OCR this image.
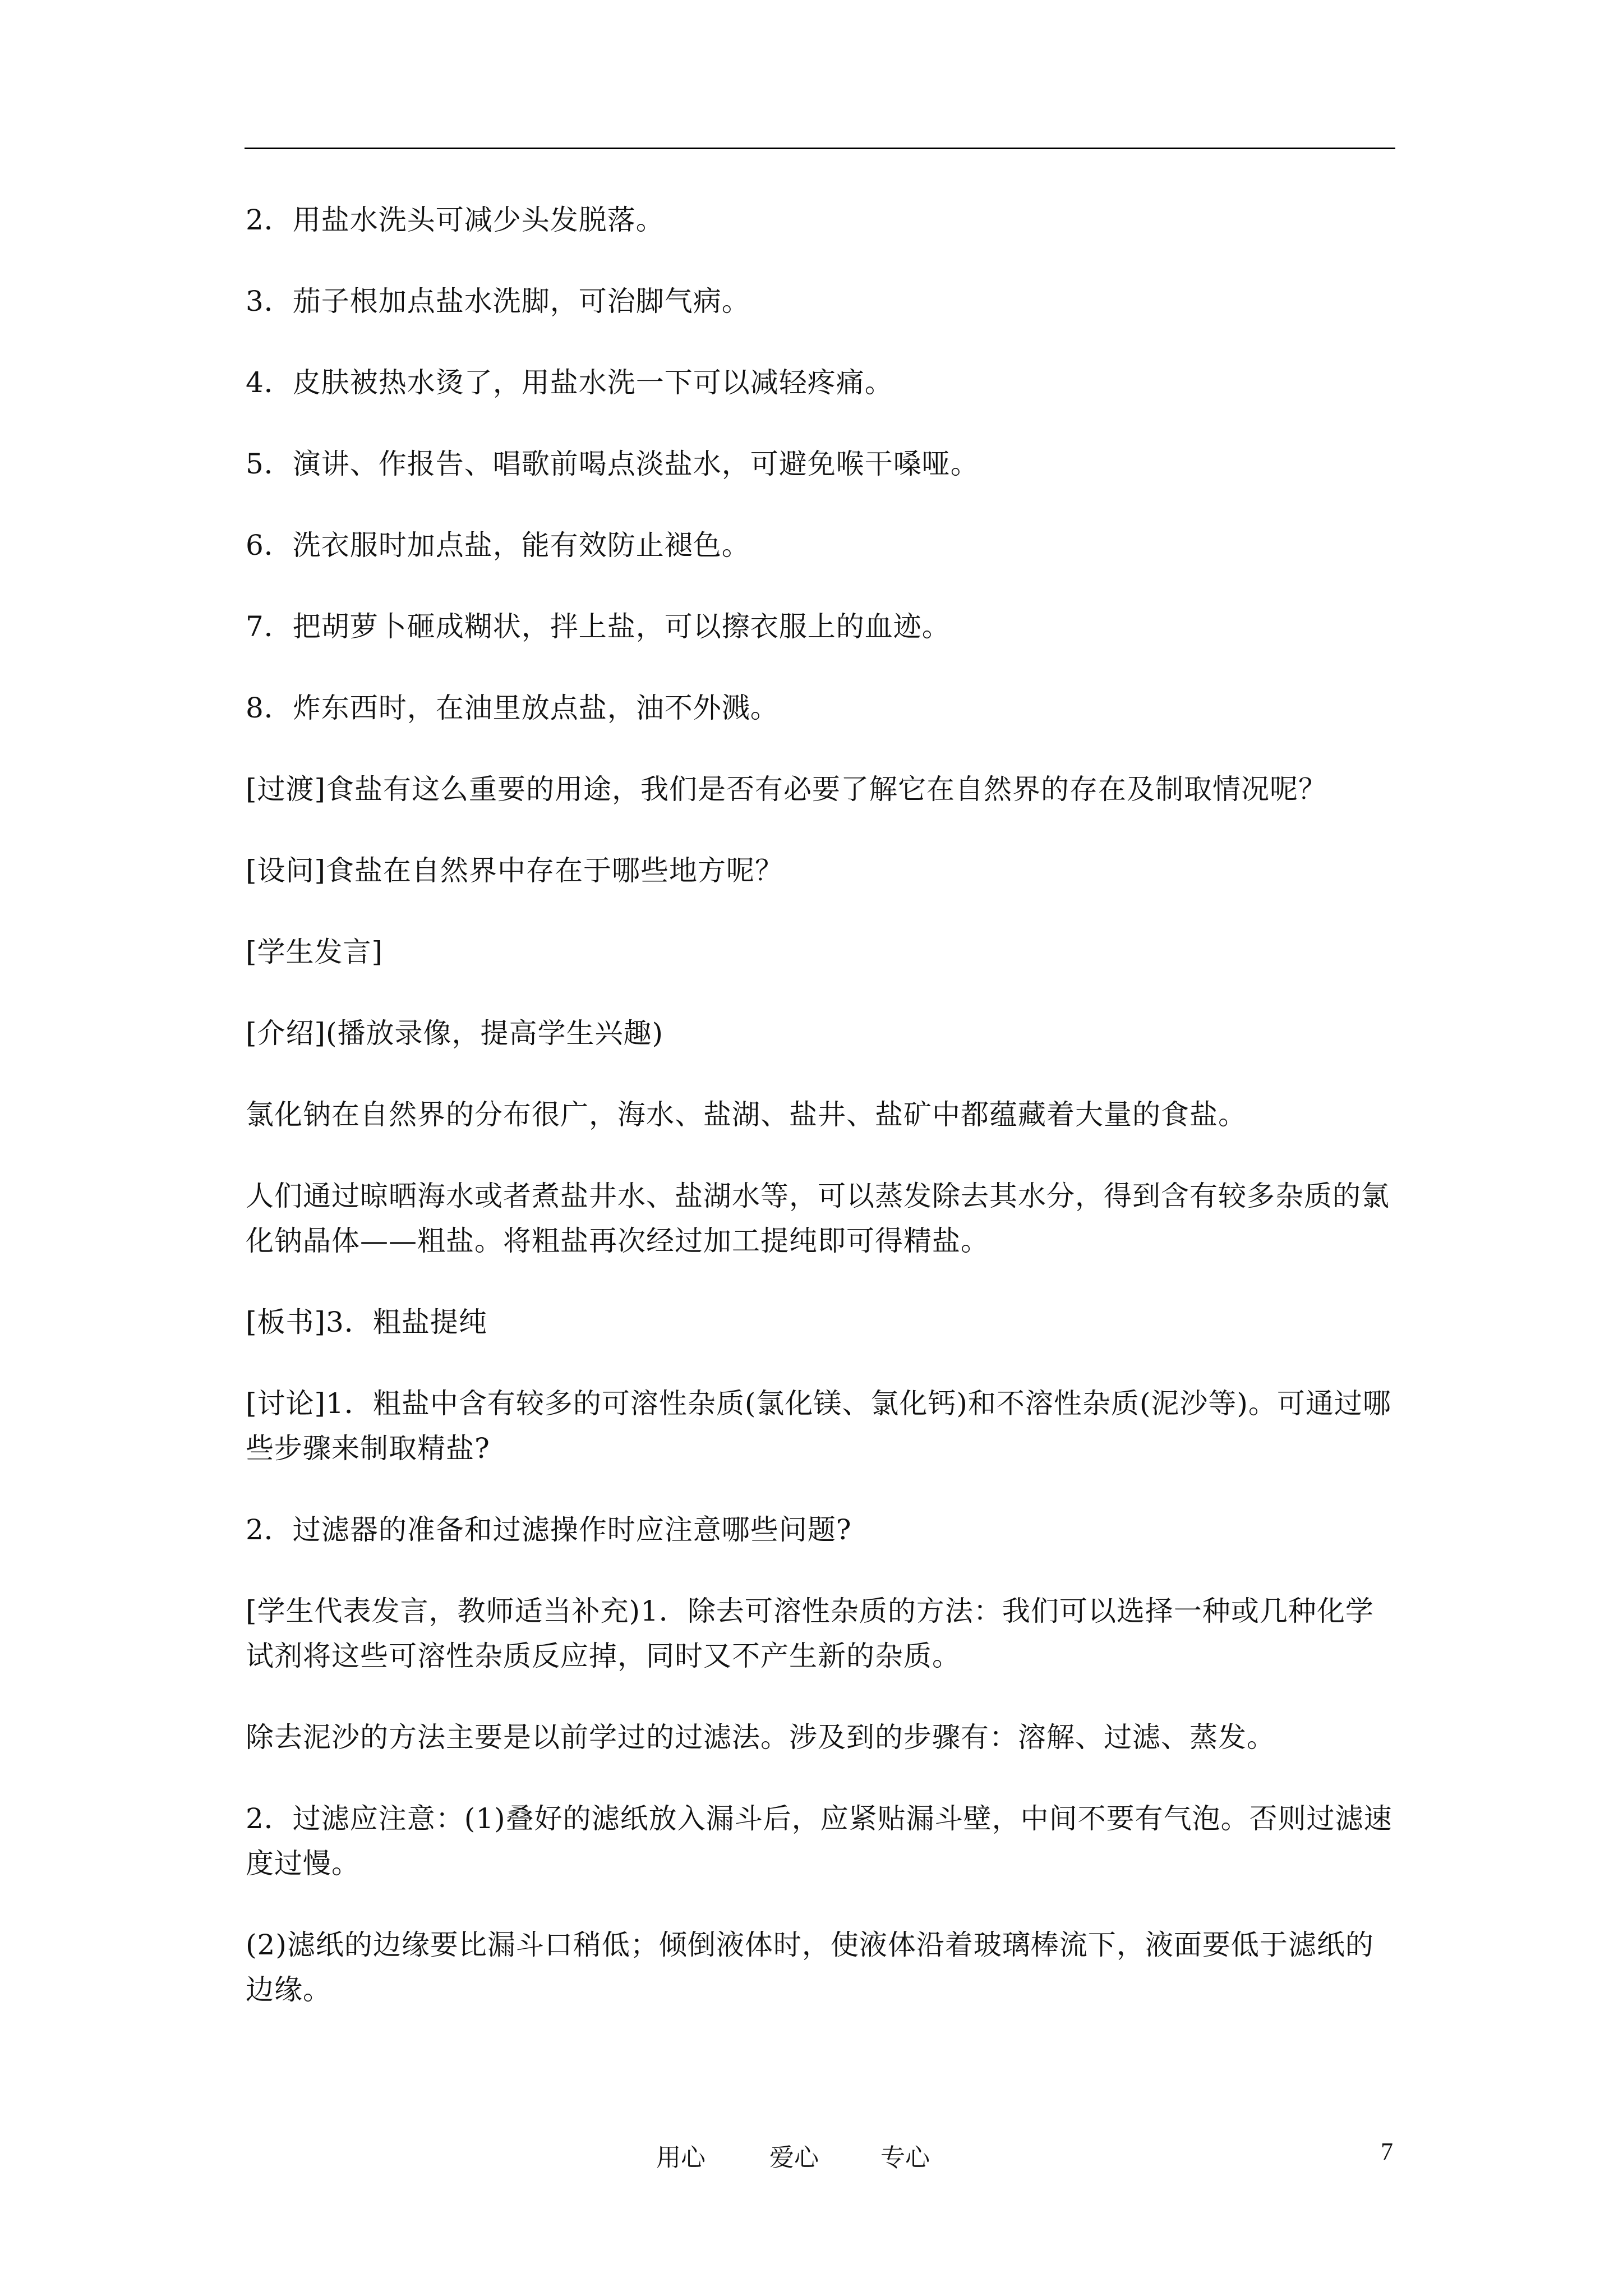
2．用盐水洗头可减少头发脱落。

3．茄子根加点盐水洗脚，可治脚气病。

4．皮肤被热水烫了，用盐水洗一下可以减轻疼痛。

5．演讲、作报告、唱歌前喝点淡盐水，可避免喉干嗓哑。

6．洗衣服时加点盐，能有效防止褪色。

7．把胡萝卜砸成糊状，拌上盐，可以擦衣服上的血迹。

8．炸东西时，在油里放点盐，油不外溅。

[过渡]食盐有这么重要的用途，我们是否有必要了解它在自然界的存在及制取情况呢？

[设问]食盐在自然界中存在于哪些地方呢？

[学生发言]

[介绍](播放录像，提高学生兴趣)

氯化钠在自然界的分布很广，海水、盐湖、盐井、盐矿中都蕴藏着大量的食盐。

人们通过晾晒海水或者煮盐井水、盐湖水等，可以蒸发除去其水分，得到含有较多杂质的氯化钠晶体——粗盐。将粗盐再次经过加工提纯即可得精盐。

[板书]3．粗盐提纯

[讨论]1．粗盐中含有较多的可溶性杂质(氯化镁、氯化钙)和不溶性杂质(泥沙等)。可通过哪些步骤来制取精盐?

2．过滤器的准备和过滤操作时应注意哪些问题?

[学生代表发言，教师适当补充)1．除去可溶性杂质的方法：我们可以选择一种或几种化学试剂将这些可溶性杂质反应掉，同时又不产生新的杂质。

除去泥沙的方法主要是以前学过的过滤法。涉及到的步骤有：溶解、过滤、蒸发。

2．过滤应注意：(1)叠好的滤纸放入漏斗后，应紧贴漏斗壁，中间不要有气泡。否则过滤速度过慢。

(2)滤纸的边缘要比漏斗口稍低；倾倒液体时，使液体沿着玻璃棒流下，液面要低于滤纸的边缘。

用心	爱心	专心	7
